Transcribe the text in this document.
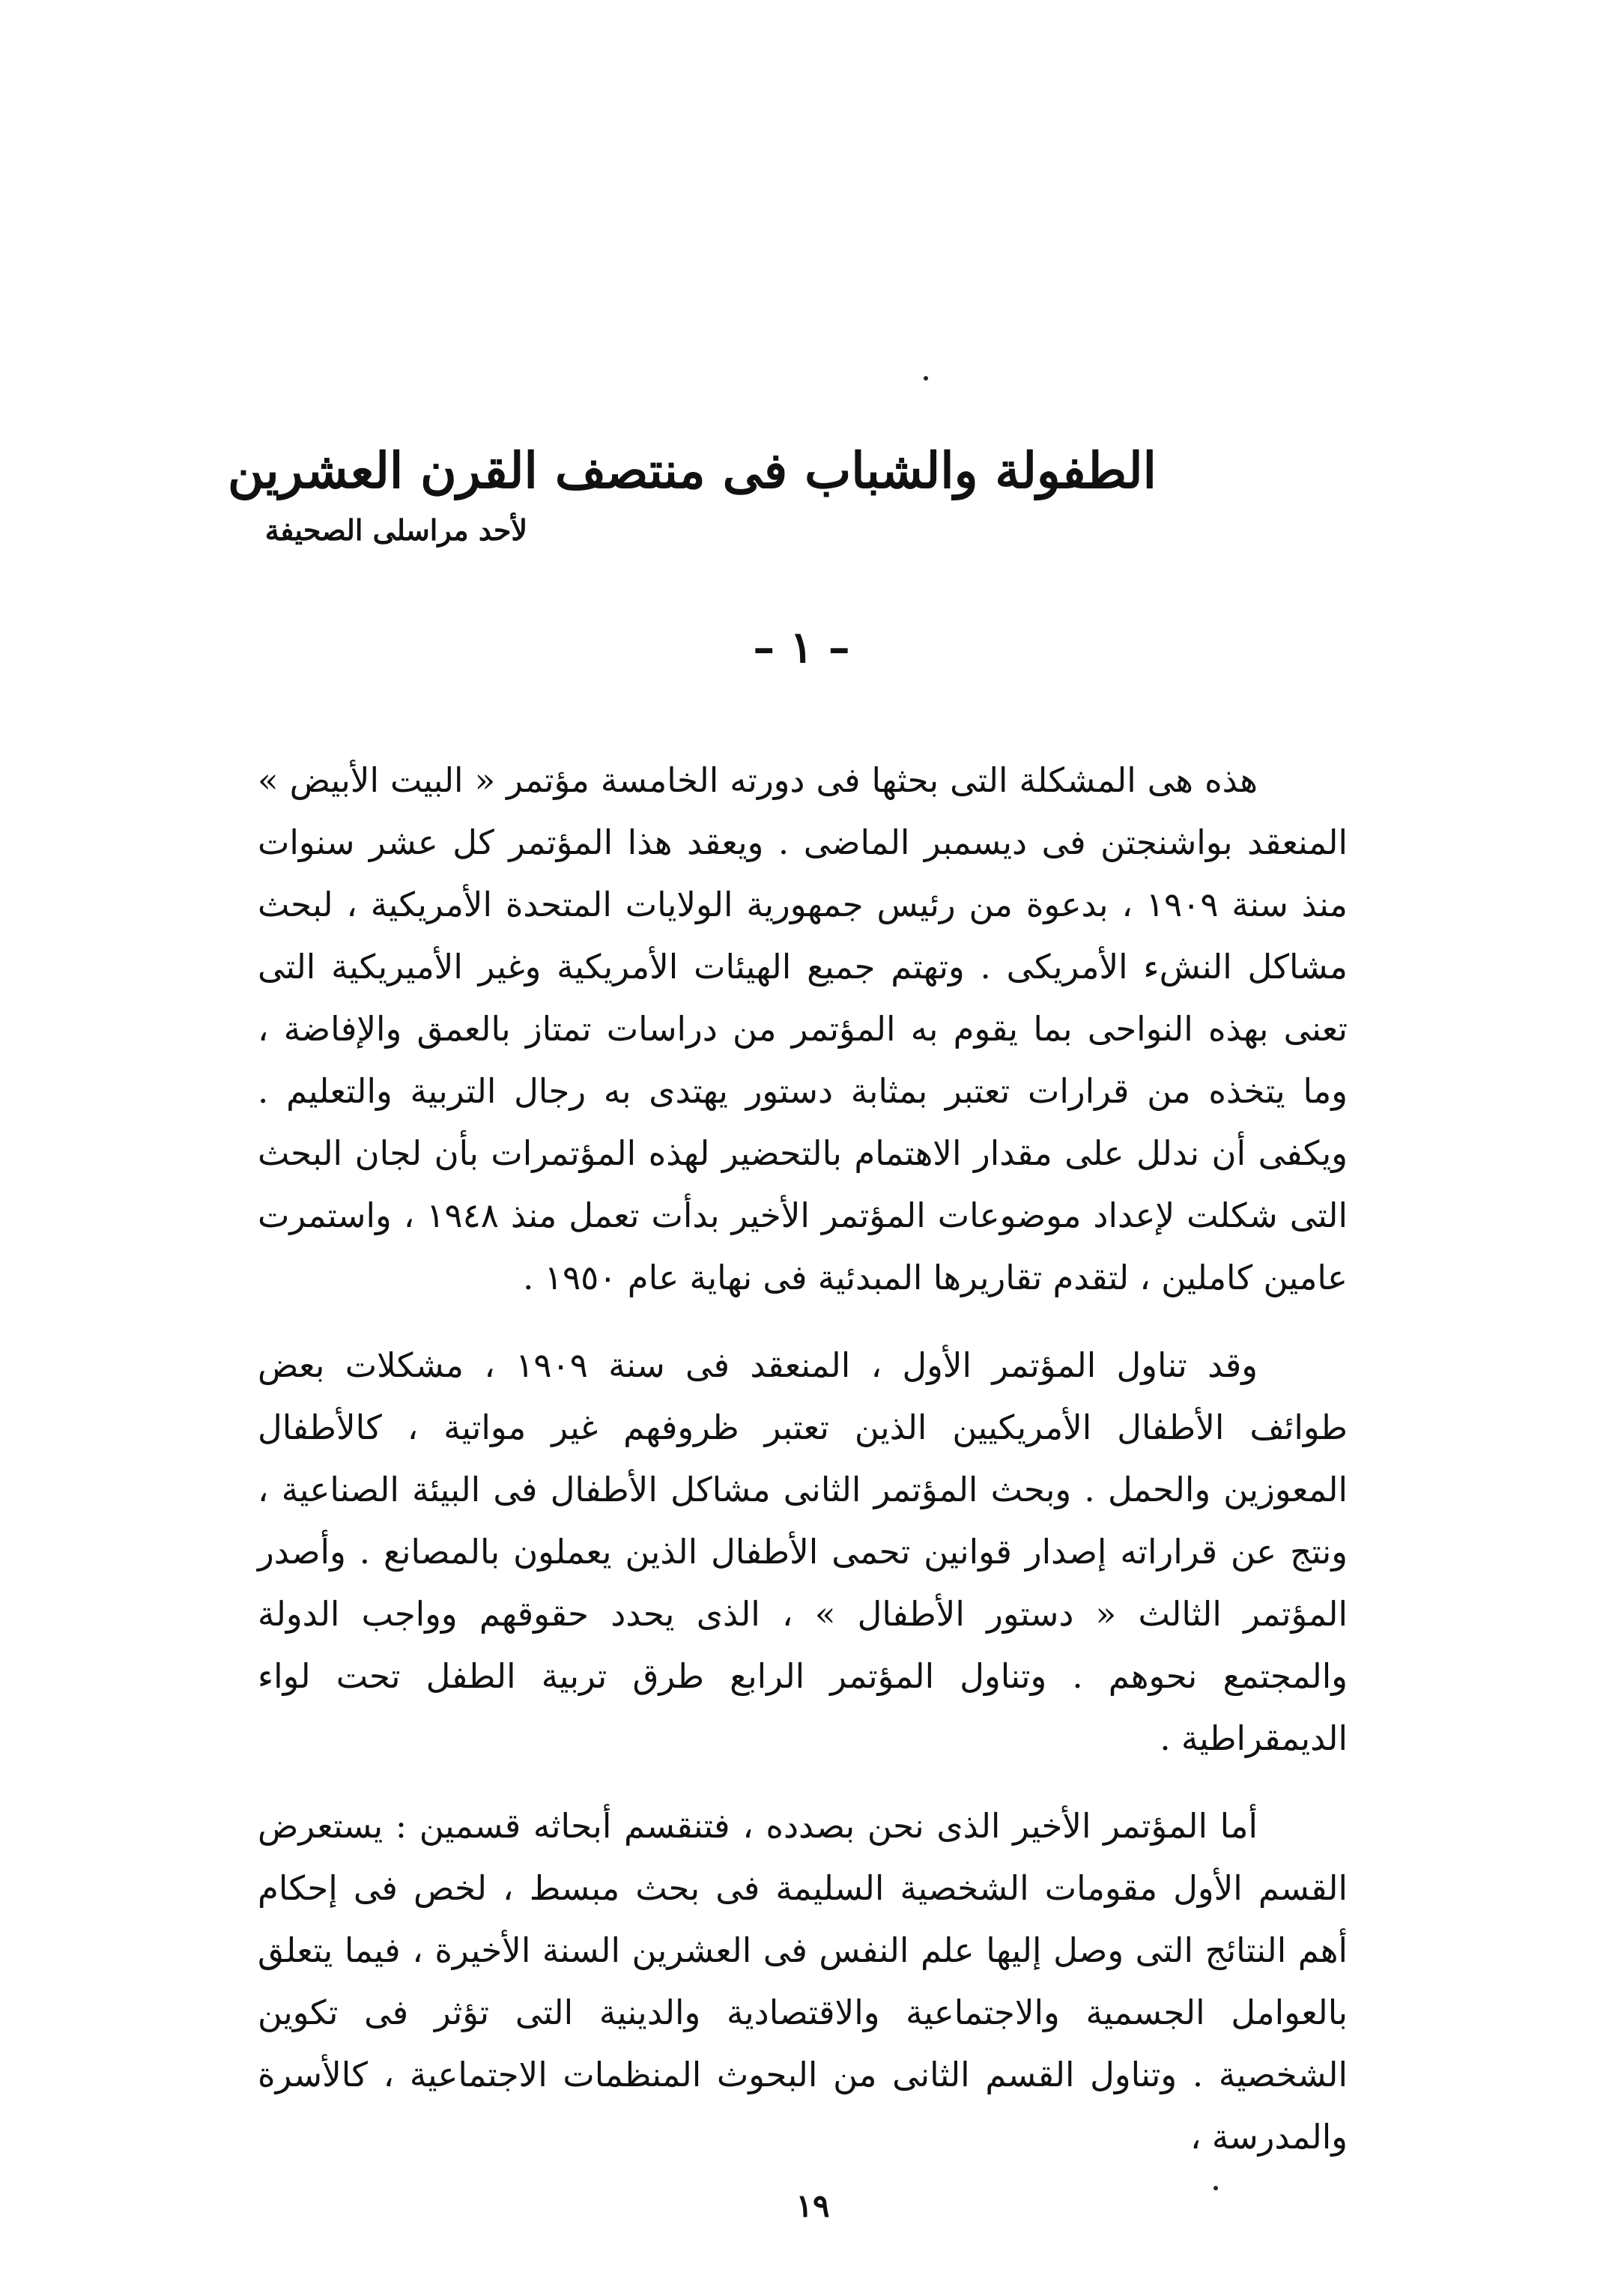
الطفولة والشباب فى منتصف القرن العشرين
لأحد مراسلى الصحيفة
– ١ –

هذه هى المشكلة التى بحثها فى دورته الخامسة مؤتمر « البيت الأبيض » المنعقد بواشنجتن فى ديسمبر الماضى . ويعقد هذا المؤتمر كل عشر سنوات منذ سنة ١٩٠٩ ، بدعوة من رئيس جمهورية الولايات المتحدة الأمريكية ، لبحث مشاكل النشء الأمريكى . وتهتم جميع الهيئات الأمريكية وغير الأميريكية التى تعنى بهذه النواحى بما يقوم به المؤتمر من دراسات تمتاز بالعمق والإفاضة ، وما يتخذه من قرارات تعتبر بمثابة دستور يهتدى به رجال التربية والتعليم . ويكفى أن ندلل على مقدار الاهتمام بالتحضير لهذه المؤتمرات بأن لجان البحث التى شكلت لإعداد موضوعات المؤتمر الأخير بدأت تعمل منذ ١٩٤٨ ، واستمرت عامين كاملين ، لتقدم تقاريرها المبدئية فى نهاية عام ١٩٥٠ .

وقد تناول المؤتمر الأول ، المنعقد فى سنة ١٩٠٩ ، مشكلات بعض طوائف الأطفال الأمريكيين الذين تعتبر ظروفهم غير مواتية ، كالأطفال المعوزين والحمل . وبحث المؤتمر الثانى مشاكل الأطفال فى البيئة الصناعية ، ونتج عن قراراته إصدار قوانين تحمى الأطفال الذين يعملون بالمصانع . وأصدر المؤتمر الثالث « دستور الأطفال » ، الذى يحدد حقوقهم وواجب الدولة والمجتمع نحوهم . وتناول المؤتمر الرابع طرق تربية الطفل تحت لواء الديمقراطية .

أما المؤتمر الأخير الذى نحن بصدده ، فتنقسم أبحاثه قسمين : يستعرض القسم الأول مقومات الشخصية السليمة فى بحث مبسط ، لخص فى إحكام أهم النتائج التى وصل إليها علم النفس فى العشرين السنة الأخيرة ، فيما يتعلق بالعوامل الجسمية والاجتماعية والاقتصادية والدينية التى تؤثر فى تكوين الشخصية . وتناول القسم الثانى من البحوث المنظمات الاجتماعية ، كالأسرة والمدرسة ،

١٩
